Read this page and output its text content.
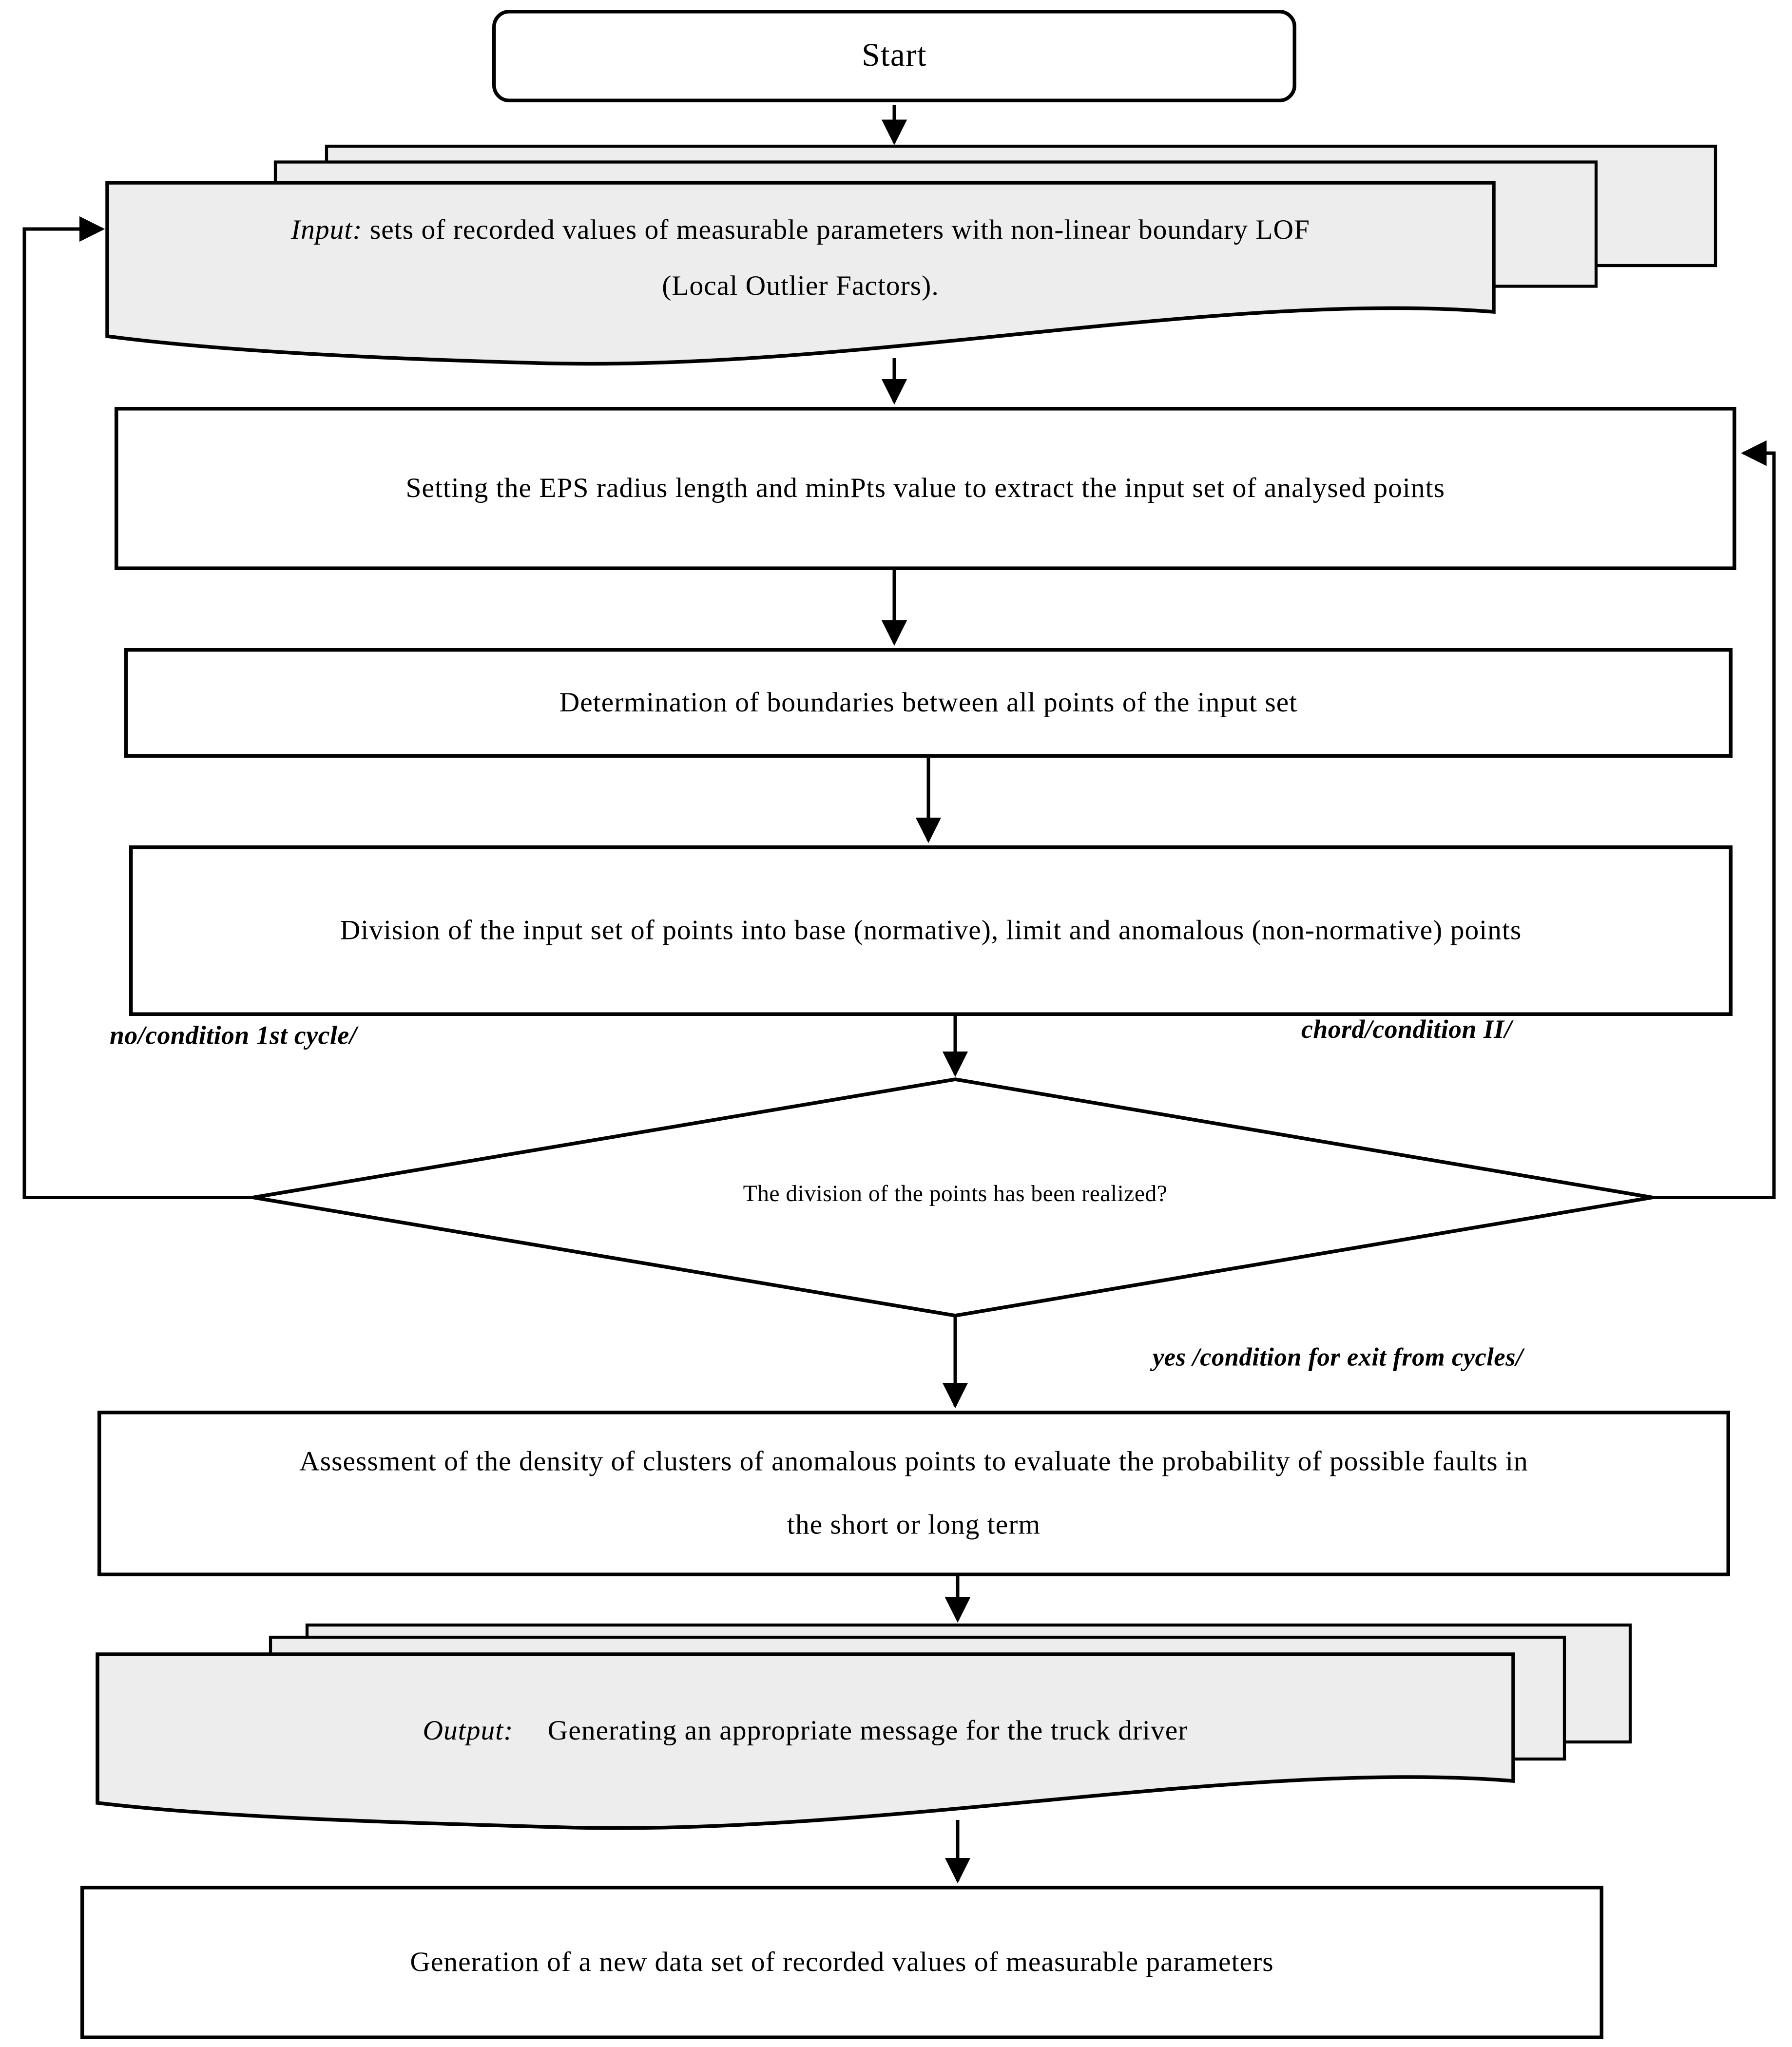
Start
Input: sets of recorded values of measurable parameters with non-linear boundary LOF (Local Outlier Factors).
Setting the EPS radius length and minPts value to extract the input set of analysed points
Determination of boundaries between all points of the input set
Division of the input set of points into base (normative), limit and anomalous (non-normative) points
The division of the points has been realized?
no/condition 1st cycle/	chord/condition II/
yes /condition for exit from cycles/
Assessment of the density of clusters of anomalous points to evaluate the probability of possible faults in the short or long term
Output:	Generating an appropriate message for the truck driver
Generation of a new data set of recorded values of measurable parameters
